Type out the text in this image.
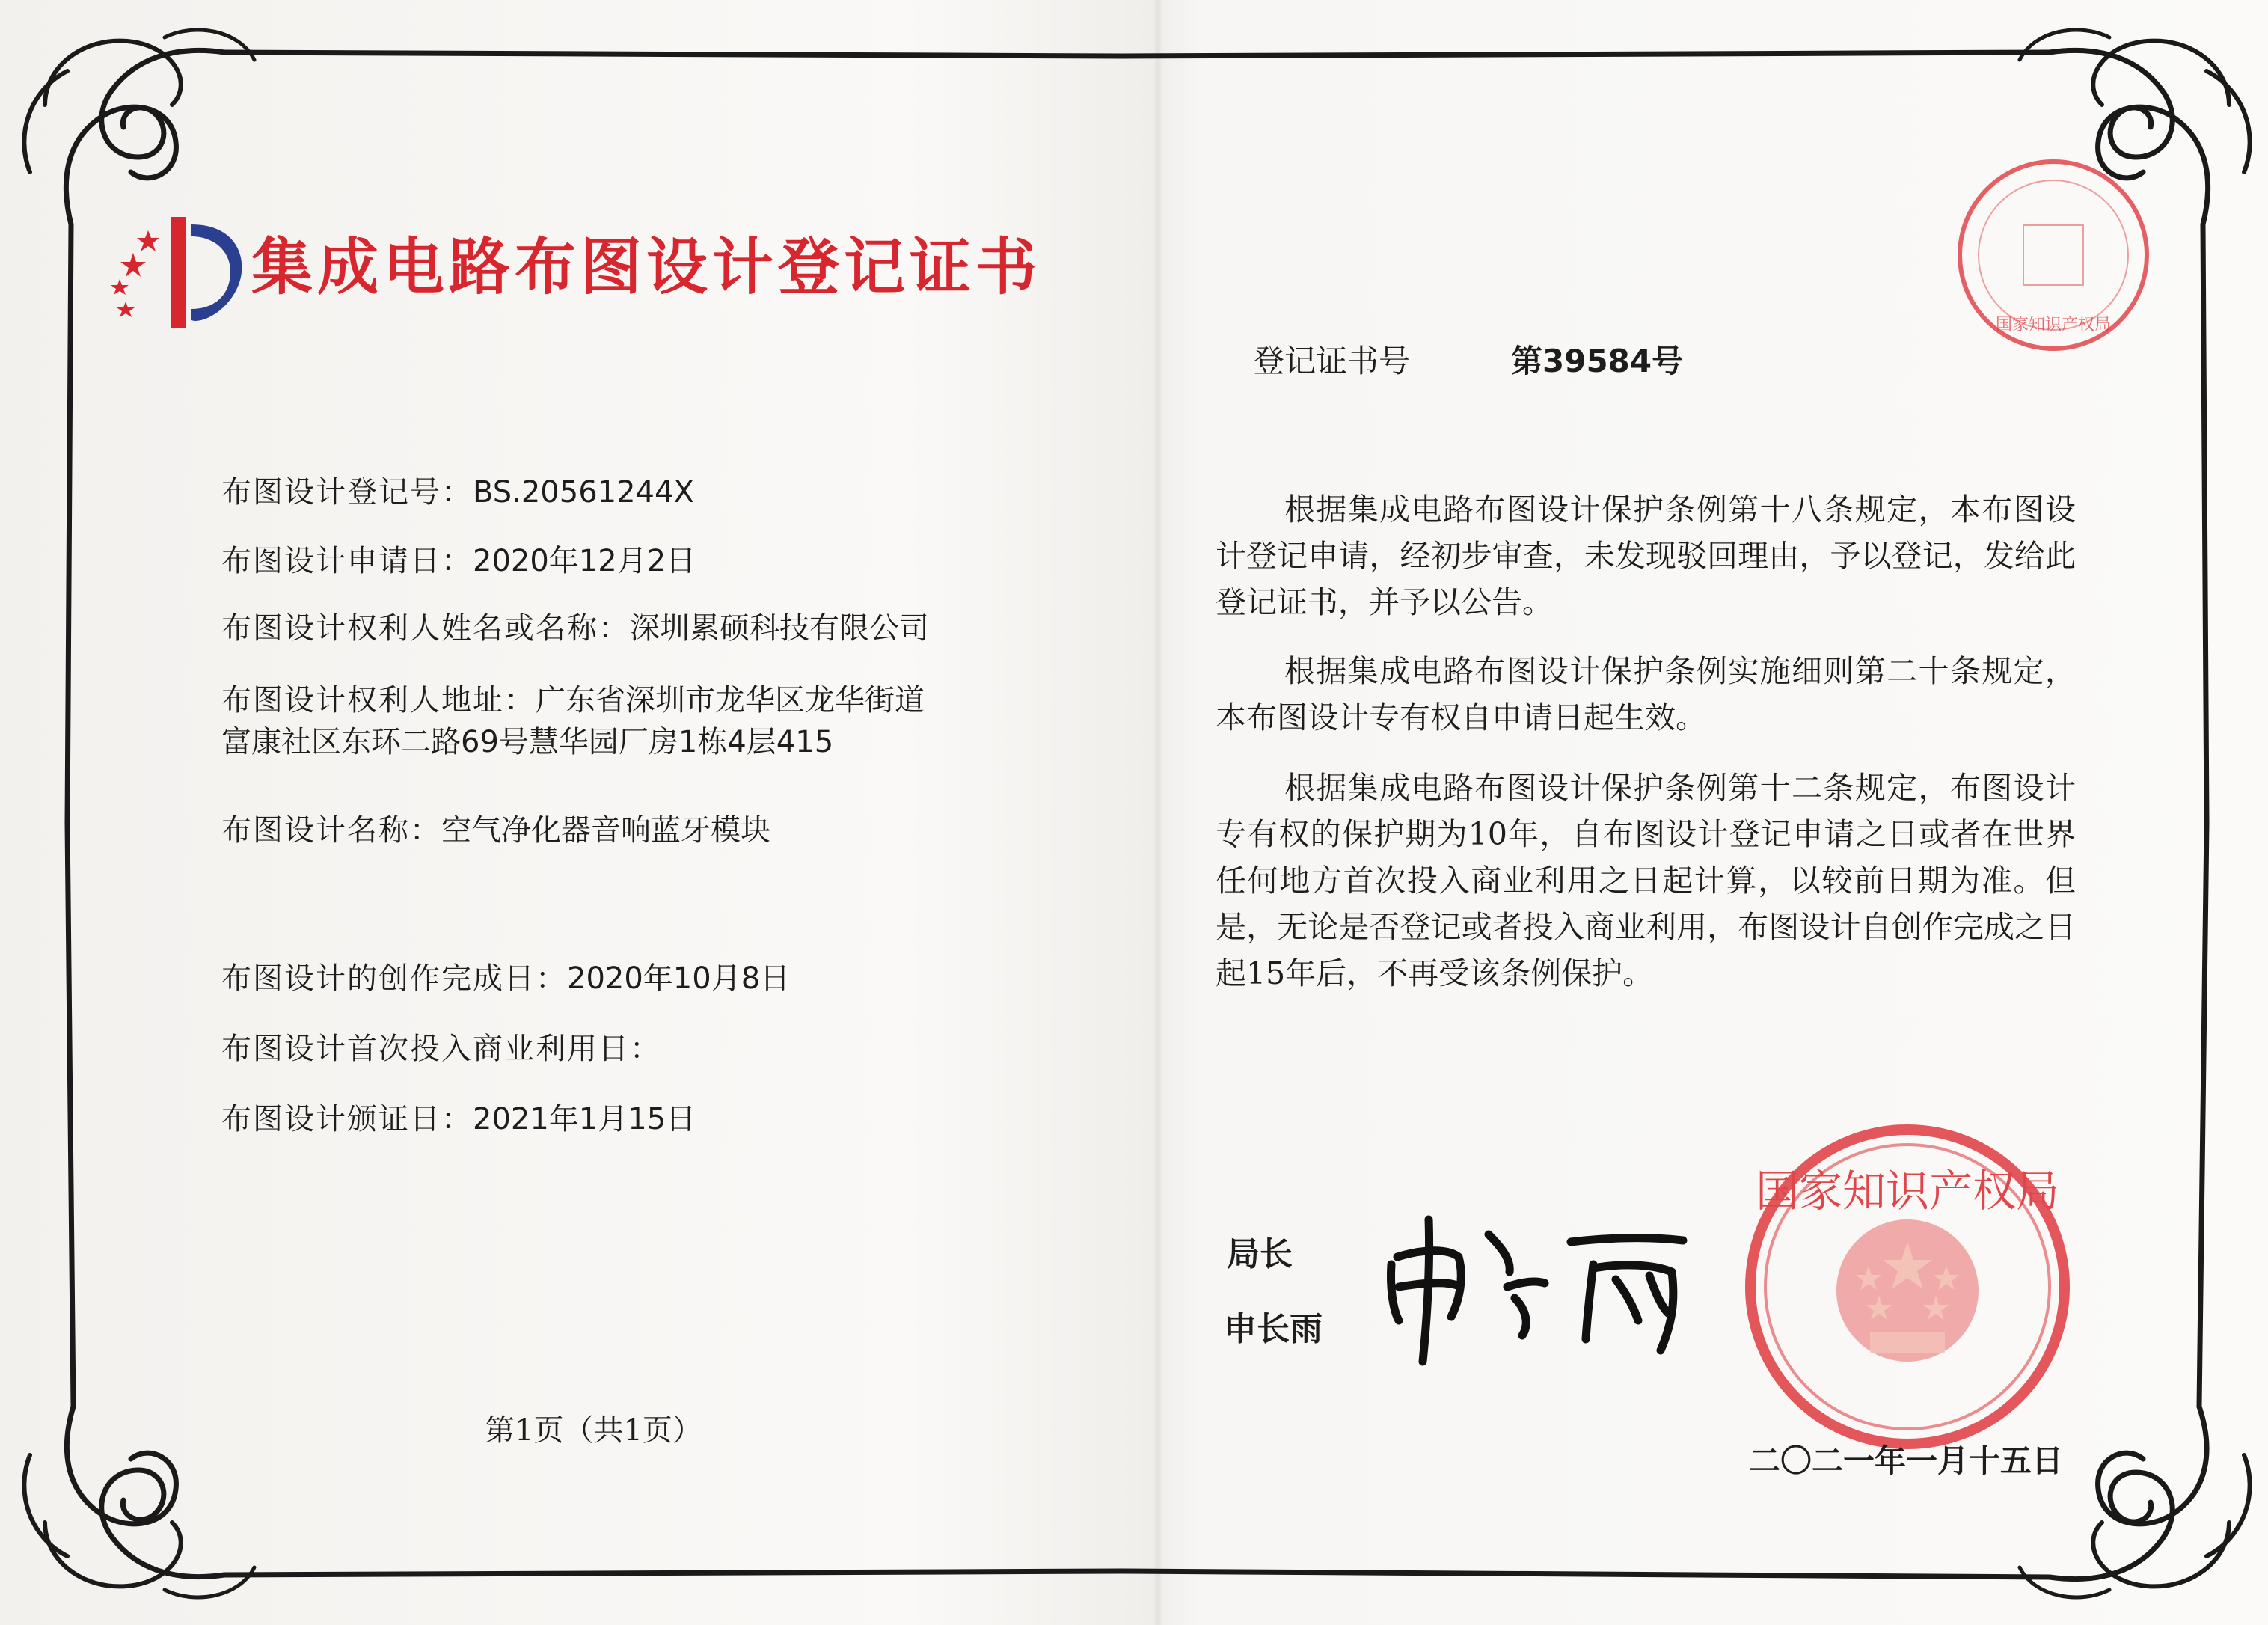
集成电路布图设计登记证书
布图设计登记号：BS.20561244X
布图设计申请日：2020年12月2日
布图设计权利人姓名或名称：深圳累硕科技有限公司
布图设计权利人地址：广东省深圳市龙华区龙华街道富康社区东环二路69号慧华园厂房1栋4层415
布图设计名称：空气净化器音响蓝牙模块
布图设计的创作完成日：2020年10月8日
布图设计首次投入商业利用日：
布图设计颁证日：2021年1月15日
第1页（共1页）
国家知识产权局
登记证书号	第39584号
根据集成电路布图设计保护条例第十八条规定，本布图设计登记申请，经初步审查，未发现驳回理由，予以登记，发给此登记证书，并予以公告。
根据集成电路布图设计保护条例实施细则第二十条规定，本布图设计专有权自申请日起生效。
根据集成电路布图设计保护条例第十二条规定，布图设计专有权的保护期为10年，自布图设计登记申请之日或者在世界任何地方首次投入商业利用之日起计算，以较前日期为准。但是，无论是否登记或者投入商业利用，布图设计自创作完成之日起15年后，不再受该条例保护。
局长
申长雨
国家知识产权局
二〇二一年一月十五日
